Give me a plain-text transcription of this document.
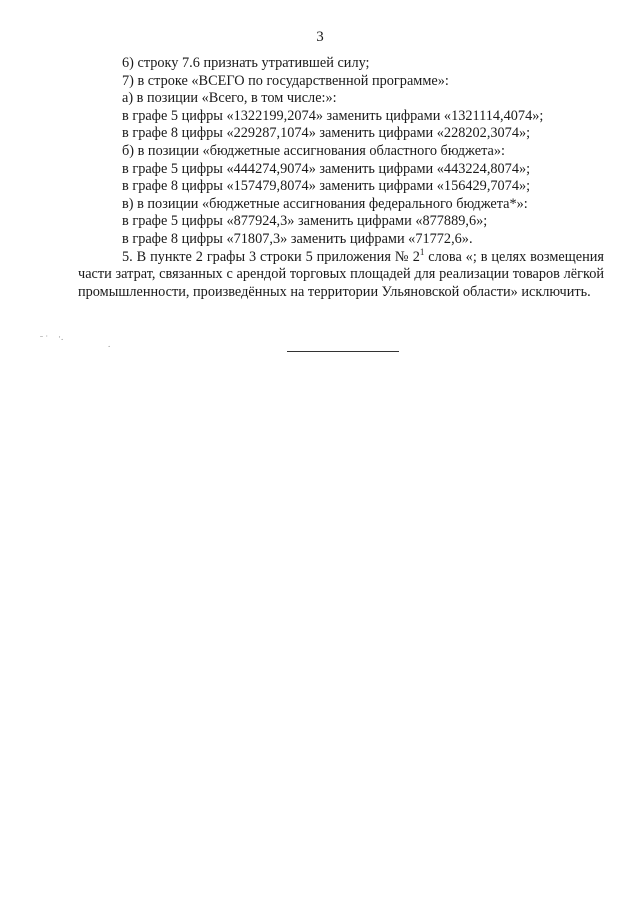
3
6) строку 7.6 признать утратившей силу;
7) в строке «ВСЕГО по государственной программе»:
а) в позиции «Всего, в том числе:»:
в графе 5 цифры «1322199,2074» заменить цифрами «1321114,4074»;
в графе 8 цифры «229287,1074» заменить цифрами «228202,3074»;
б) в позиции «бюджетные ассигнования областного бюджета»:
в графе 5 цифры «444274,9074» заменить цифрами «443224,8074»;
в графе 8 цифры «157479,8074» заменить цифрами «156429,7074»;
в) в позиции «бюджетные ассигнования федерального бюджета*»:
в графе 5 цифры «877924,3» заменить цифрами «877889,6»;
в графе 8 цифры «71807,3» заменить цифрами «71772,6».

5. В пункте 2 графы 3 строки 5 приложения № $2^1$ слова «; в целях возмещения части затрат, связанных с арендой торговых площадей для реализации товаров лёгкой промышленности, произведённых на территории Ульяновской области» исключить.

ˉ ˙ ·.
.
